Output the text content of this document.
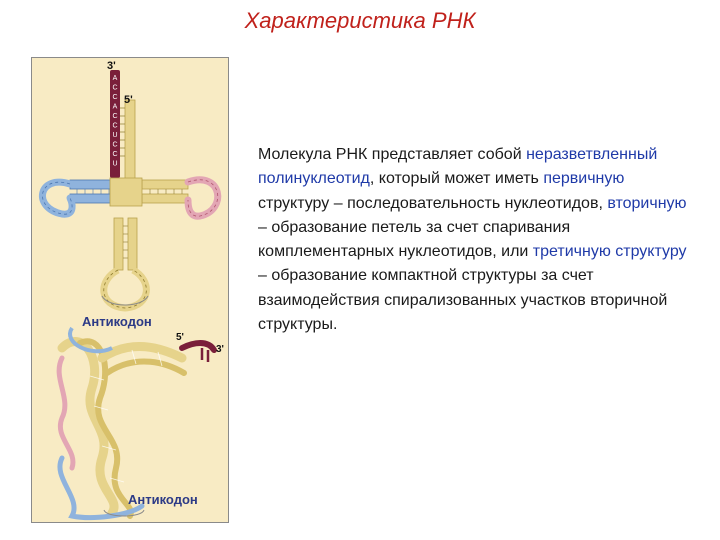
Характеристика РНК
A
C
C
A
C
C
U
C
C
U
3'
5'
Антикодон
5'
3'
Антикодон
Молекула РНК представляет собой неразветвленный полинуклеотид, который может иметь первичную структуру – последовательность нуклеотидов, вторичную – образование петель за счет спаривания комплементарных нуклеотидов, или третичную структуру – образование компактной структуры за счет взаимодействия спирализованных участков вторичной структуры.
